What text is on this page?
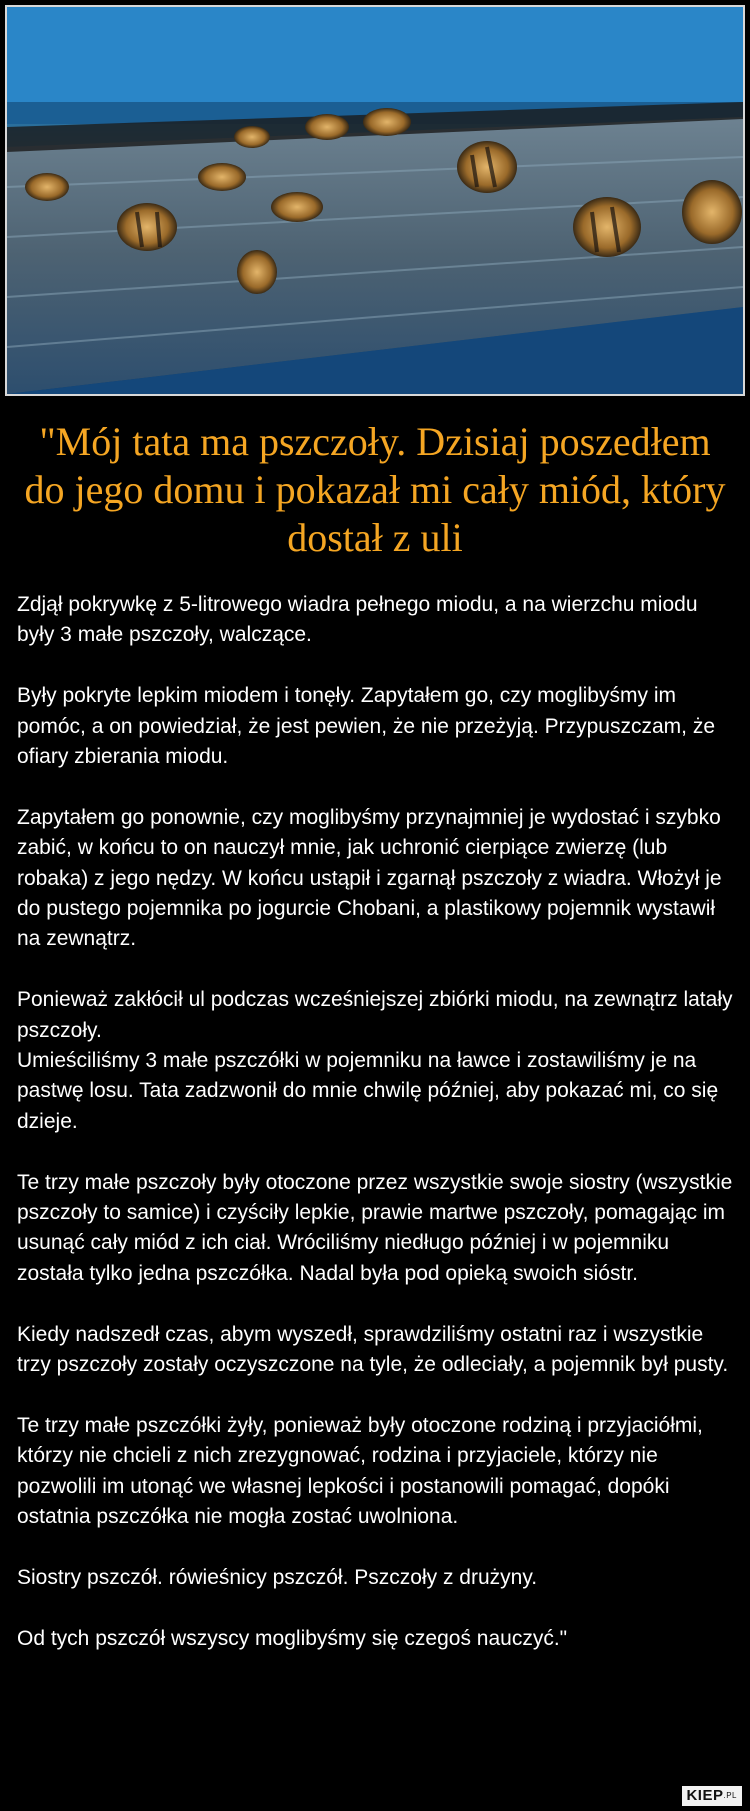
"Mój tata ma pszczoły. Dzisiaj poszedłem do jego domu i pokazał mi cały miód, który dostał z uli

Zdjął pokrywkę z 5-litrowego wiadra pełnego miodu, a na wierzchu miodu były 3 małe pszczoły, walczące.

Były pokryte lepkim miodem i tonęły. Zapytałem go, czy moglibyśmy im pomóc, a on powiedział, że jest pewien, że nie przeżyją. Przypuszczam, że ofiary zbierania miodu.

Zapytałem go ponownie, czy moglibyśmy przynajmniej je wydostać i szybko zabić, w końcu to on nauczył mnie, jak uchronić cierpiące zwierzę (lub robaka) z jego nędzy. W końcu ustąpił i zgarnął pszczoły z wiadra. Włożył je do pustego pojemnika po jogurcie Chobani, a plastikowy pojemnik wystawił na zewnątrz.

Ponieważ zakłócił ul podczas wcześniejszej zbiórki miodu, na zewnątrz latały pszczoły.
Umieściliśmy 3 małe pszczółki w pojemniku na ławce i zostawiliśmy je na pastwę losu. Tata zadzwonił do mnie chwilę później, aby pokazać mi, co się dzieje.

Te trzy małe pszczoły były otoczone przez wszystkie swoje siostry (wszystkie pszczoły to samice) i czyściły lepkie, prawie martwe pszczoły, pomagając im usunąć cały miód z ich ciał. Wróciliśmy niedługo później i w pojemniku została tylko jedna pszczółka. Nadal była pod opieką swoich sióstr.

Kiedy nadszedł czas, abym wyszedł, sprawdziliśmy ostatni raz i wszystkie trzy pszczoły zostały oczyszczone na tyle, że odleciały, a pojemnik był pusty.

Te trzy małe pszczółki żyły, ponieważ były otoczone rodziną i przyjaciółmi, którzy nie chcieli z nich zrezygnować, rodzina i przyjaciele, którzy nie pozwolili im utonąć we własnej lepkości i postanowili pomagać, dopóki ostatnia pszczółka nie mogła zostać uwolniona.

Siostry pszczół. rówieśnicy pszczół. Pszczoły z drużyny.

Od tych pszczół wszyscy moglibyśmy się czegoś nauczyć."

KIEP.PL
